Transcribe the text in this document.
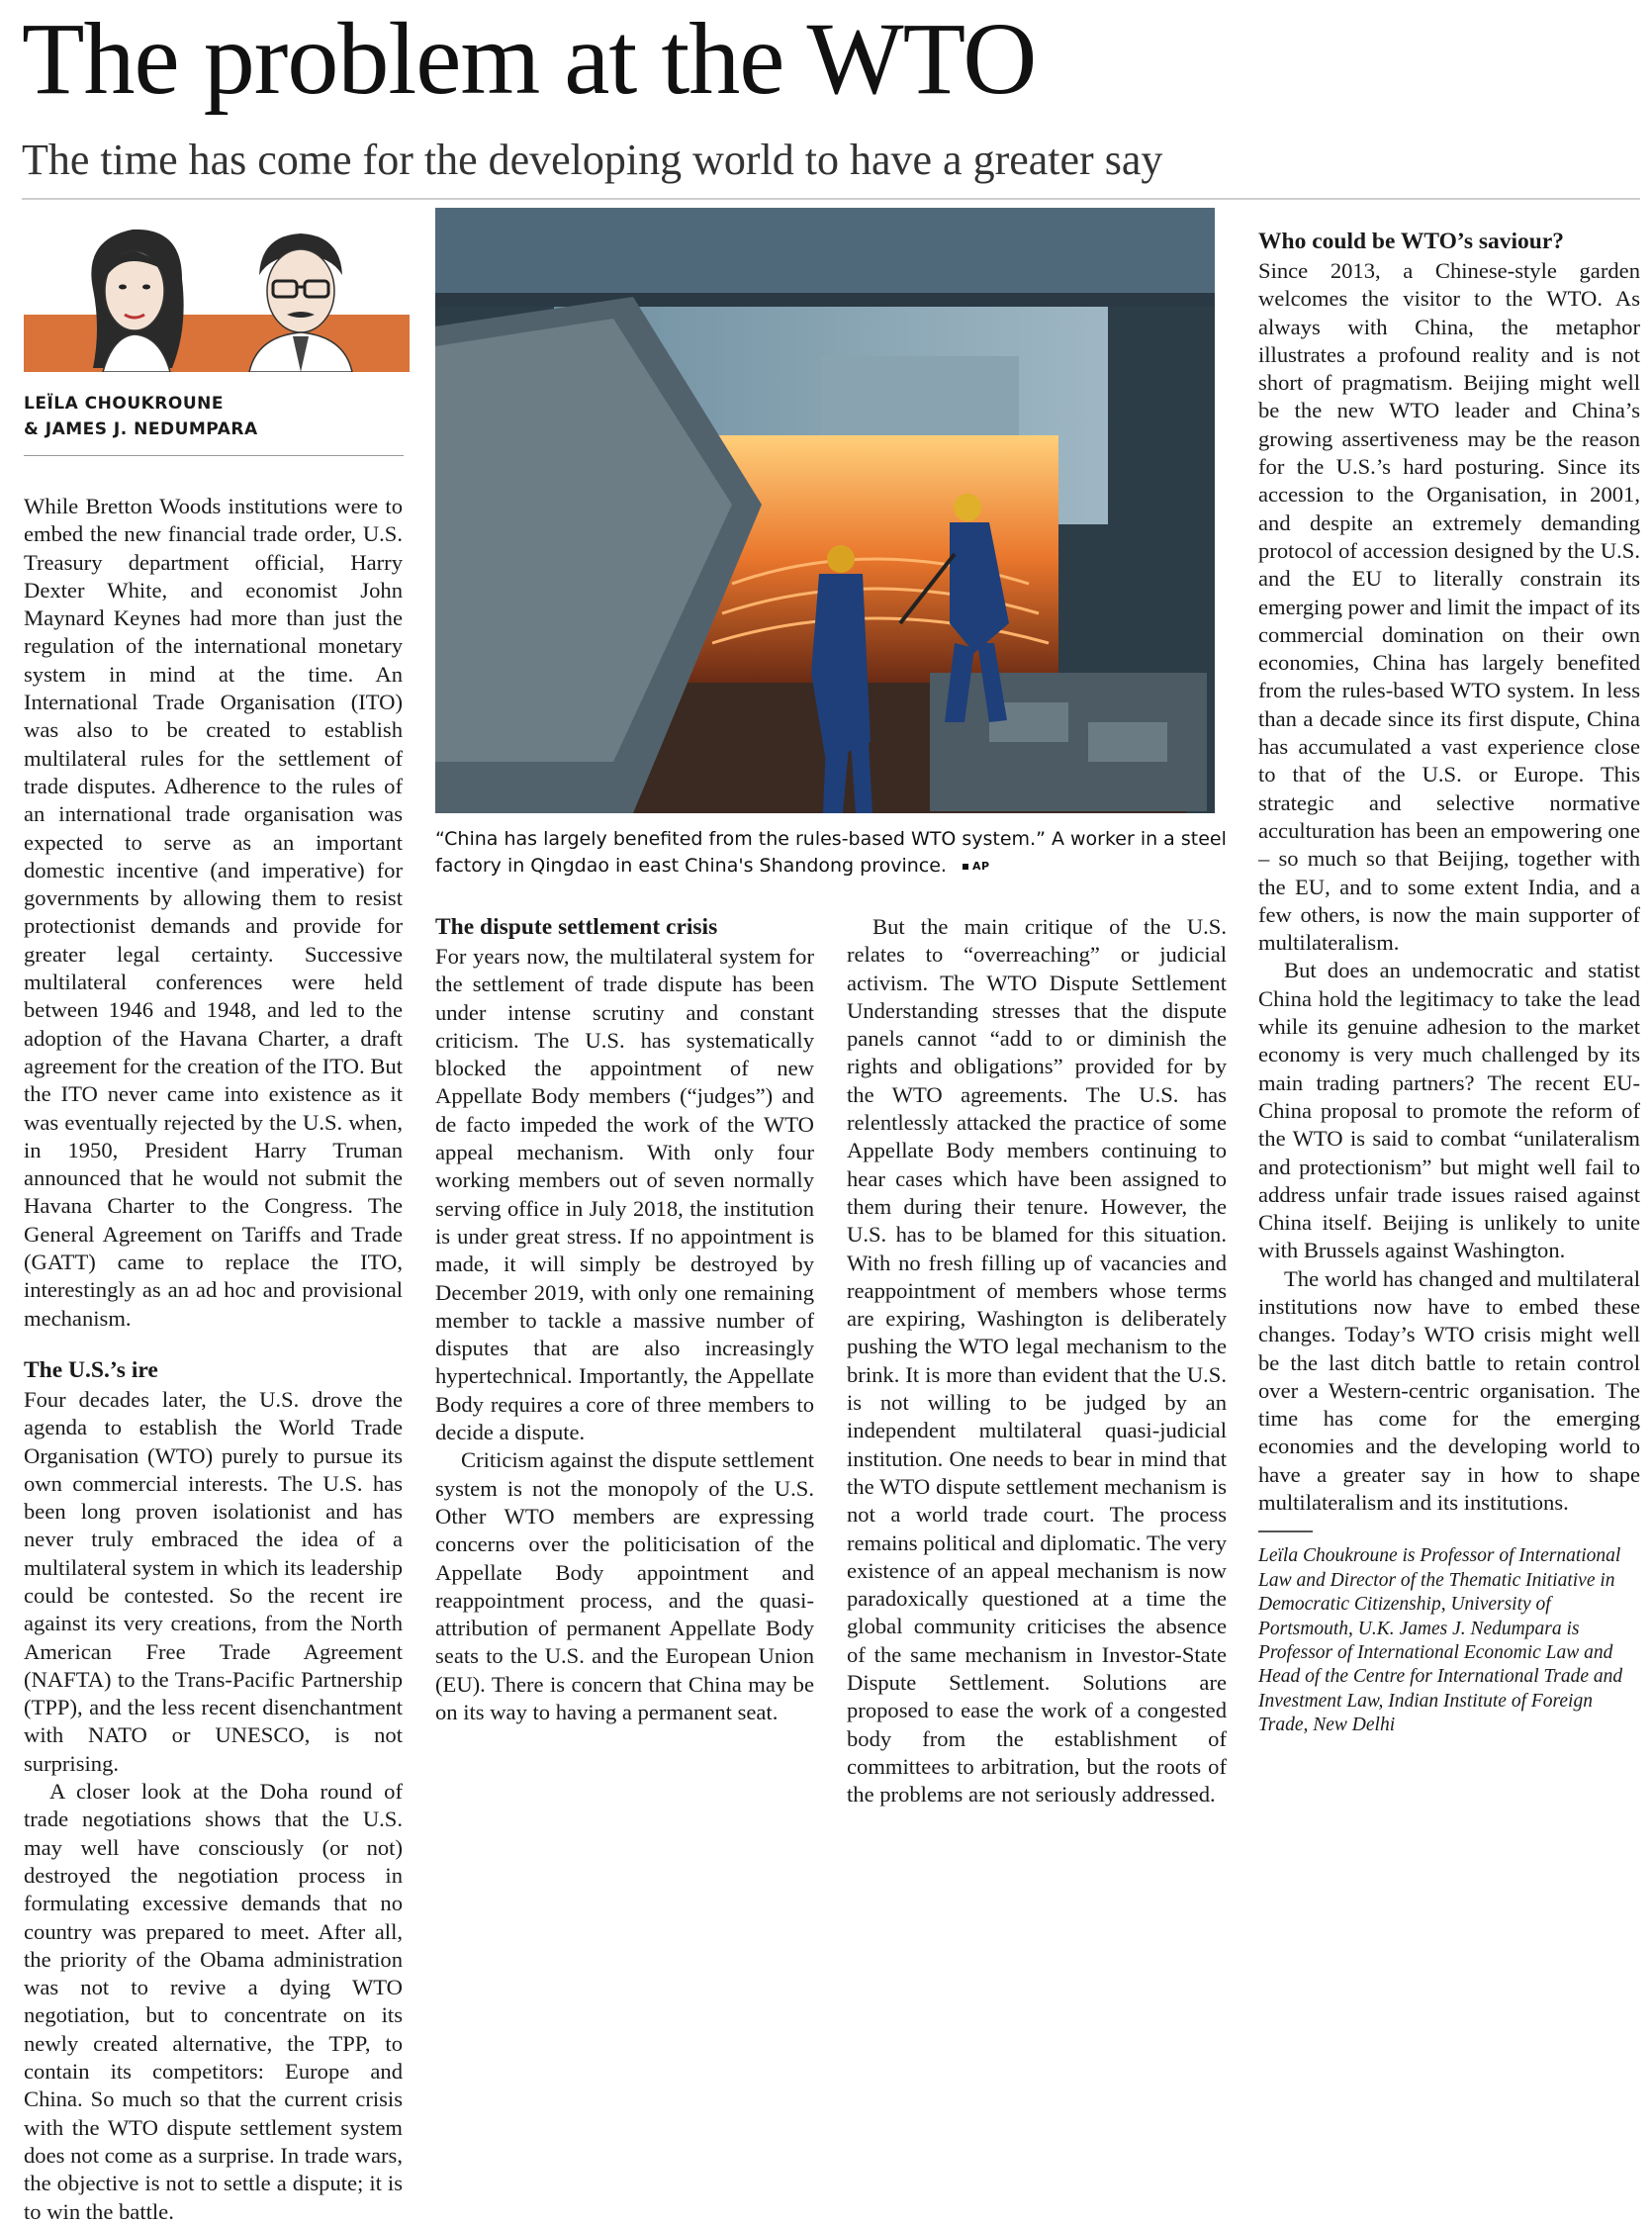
The problem at the WTO
The time has come for the developing world to have a greater say
LEÏLA CHOUKROUNE
& JAMES J. NEDUMPARA
“China has largely benefited from the rules-based WTO system.” A worker in a steel factory in Qingdao in east China's Shandong province. AP

While Bretton Woods institutions were to embed the new financial trade order, U.S. Treasury department official, Harry Dexter White, and economist John Maynard Keynes had more than just the regulation of the international monetary system in mind at the time. An International Trade Organisation (ITO) was also to be created to establish multilateral rules for the settlement of trade disputes. Adherence to the rules of an international trade organisation was expected to serve as an important domestic incentive (and imperative) for governments by allowing them to resist protectionist demands and provide for greater legal certainty. Successive multilateral conferences were held between 1946 and 1948, and led to the adoption of the Havana Charter, a draft agreement for the creation of the ITO. But the ITO never came into existence as it was eventually rejected by the U.S. when, in 1950, President Harry Truman announced that he would not submit the Havana Charter to the Congress. The General Agreement on Tariffs and Trade (GATT) came to replace the ITO, interestingly as an ad hoc and provisional mechanism.

The U.S.’s ire

Four decades later, the U.S. drove the agenda to establish the World Trade Organisation (WTO) purely to pursue its own commercial interests. The U.S. has been long proven isolationist and has never truly embraced the idea of a multilateral system in which its leadership could be contested. So the recent ire against its very creations, from the North American Free Trade Agreement (NAFTA) to the Trans-Pacific Partnership (TPP), and the less recent disenchantment with NATO or UNESCO, is not surprising.

A closer look at the Doha round of trade negotiations shows that the U.S. may well have consciously (or not) destroyed the negotiation process in formulating excessive demands that no country was prepared to meet. After all, the priority of the Obama administration was not to revive a dying WTO negotiation, but to concentrate on its newly created alternative, the TPP, to contain its competitors: Europe and China. So much so that the current crisis with the WTO dispute settlement system does not come as a surprise. In trade wars, the objective is not to settle a dispute; it is to win the battle.

The dispute settlement crisis

For years now, the multilateral system for the settlement of trade dispute has been under intense scrutiny and constant criticism. The U.S. has systematically blocked the appointment of new Appellate Body members (“judges”) and de facto impeded the work of the WTO appeal mechanism. With only four working members out of seven normally serving office in July 2018, the institution is under great stress. If no appointment is made, it will simply be destroyed by December 2019, with only one remaining member to tackle a massive number of disputes that are also increasingly hypertechnical. Importantly, the Appellate Body requires a core of three members to decide a dispute.

Criticism against the dispute settlement system is not the monopoly of the U.S. Other WTO members are expressing concerns over the politicisation of the Appellate Body appointment and reappointment process, and the quasi-attribution of permanent Appellate Body seats to the U.S. and the European Union (EU). There is concern that China may be on its way to having a permanent seat.

But the main critique of the U.S. relates to “overreaching” or judicial activism. The WTO Dispute Settlement Understanding stresses that the dispute panels cannot “add to or diminish the rights and obligations” provided for by the WTO agreements. The U.S. has relentlessly attacked the practice of some Appellate Body members continuing to hear cases which have been assigned to them during their tenure. However, the U.S. has to be blamed for this situation. With no fresh filling up of vacancies and reappointment of members whose terms are expiring, Washington is deliberately pushing the WTO legal mechanism to the brink. It is more than evident that the U.S. is not willing to be judged by an independent multilateral quasi-judicial institution. One needs to bear in mind that the WTO dispute settlement mechanism is not a world trade court. The process remains political and diplomatic. The very existence of an appeal mechanism is now paradoxically questioned at a time the global community criticises the absence of the same mechanism in Investor-State Dispute Settlement. Solutions are proposed to ease the work of a congested body from the establishment of committees to arbitration, but the roots of the problems are not seriously addressed.

Who could be WTO’s saviour?

Since 2013, a Chinese-style garden welcomes the visitor to the WTO. As always with China, the metaphor illustrates a profound reality and is not short of pragmatism. Beijing might well be the new WTO leader and China’s growing assertiveness may be the reason for the U.S.’s hard posturing. Since its accession to the Organisation, in 2001, and despite an extremely demanding protocol of accession designed by the U.S. and the EU to literally constrain its emerging power and limit the impact of its commercial domination on their own economies, China has largely benefited from the rules-based WTO system. In less than a decade since its first dispute, China has accumulated a vast experience close to that of the U.S. or Europe. This strategic and selective normative acculturation has been an empowering one – so much so that Beijing, together with the EU, and to some extent India, and a few others, is now the main supporter of multilateralism.

But does an undemocratic and statist China hold the legitimacy to take the lead while its genuine adhesion to the market economy is very much challenged by its main trading partners? The recent EU-China proposal to promote the reform of the WTO is said to combat “unilateralism and protectionism” but might well fail to address unfair trade issues raised against China itself. Beijing is unlikely to unite with Brussels against Washington.

The world has changed and multilateral institutions now have to embed these changes. Today’s WTO crisis might well be the last ditch battle to retain control over a Western-centric organisation. The time has come for the emerging economies and the developing world to have a greater say in how to shape multilateralism and its institutions.

Leïla Choukroune is Professor of International Law and Director of the Thematic Initiative in Democratic Citizenship, University of Portsmouth, U.K. James J. Nedumpara is Professor of International Economic Law and Head of the Centre for International Trade and Investment Law, Indian Institute of Foreign Trade, New Delhi
